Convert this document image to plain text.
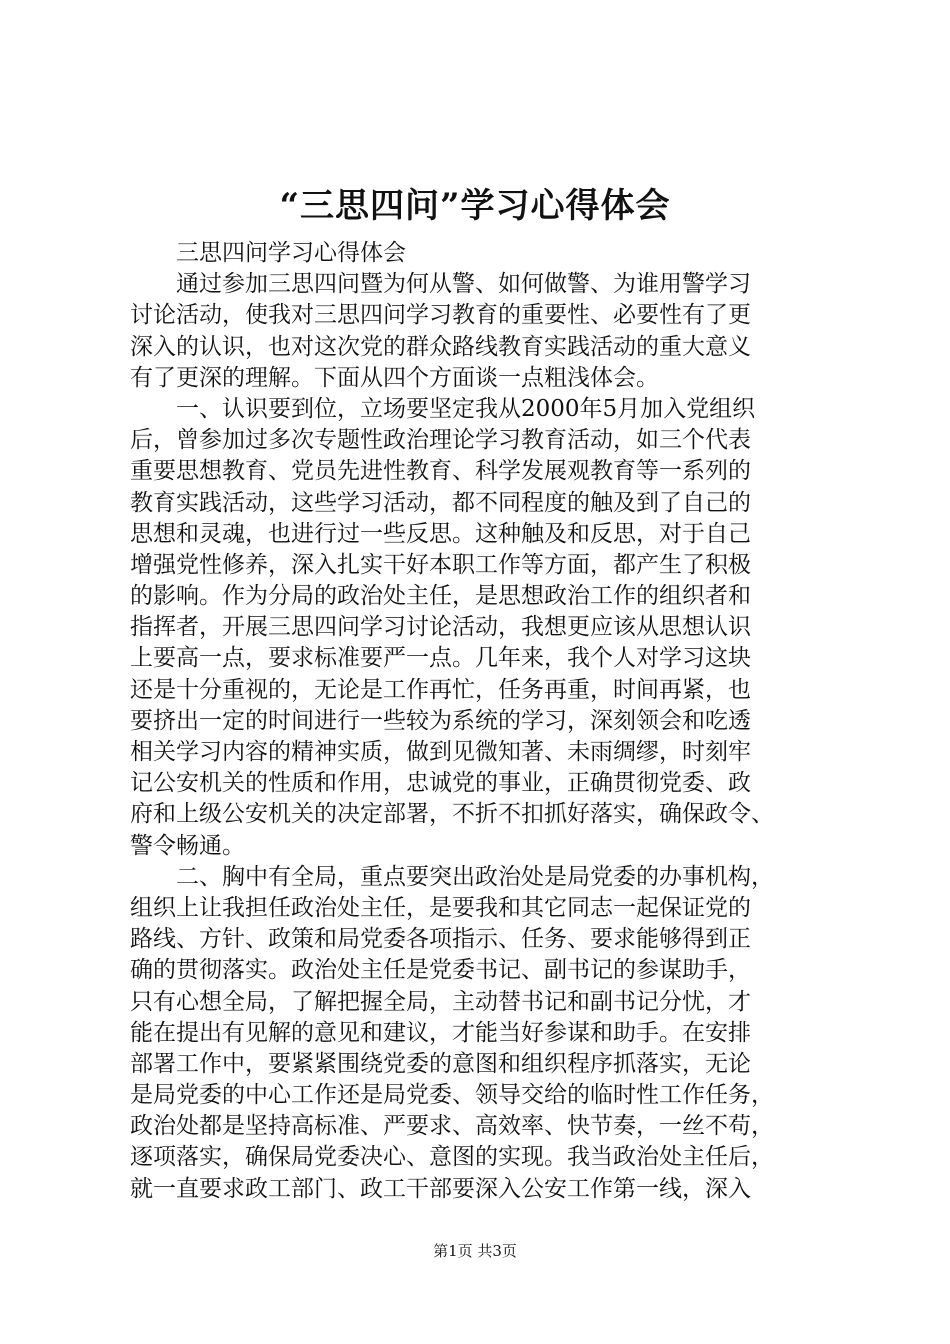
“三思四问”学习心得体会
三思四问学习心得体会
通过参加三思四问暨为何从警、如何做警、为谁用警学习
讨论活动，使我对三思四问学习教育的重要性、必要性有了更
深入的认识，也对这次党的群众路线教育实践活动的重大意义
有了更深的理解。下面从四个方面谈一点粗浅体会。
一、认识要到位，立场要坚定我从2000年5月加入党组织
后，曾参加过多次专题性政治理论学习教育活动，如三个代表
重要思想教育、党员先进性教育、科学发展观教育等一系列的
教育实践活动，这些学习活动，都不同程度的触及到了自己的
思想和灵魂，也进行过一些反思。这种触及和反思，对于自己
增强党性修养，深入扎实干好本职工作等方面，都产生了积极
的影响。作为分局的政治处主任，是思想政治工作的组织者和
指挥者，开展三思四问学习讨论活动，我想更应该从思想认识
上要高一点，要求标准要严一点。几年来，我个人对学习这块
还是十分重视的，无论是工作再忙，任务再重，时间再紧，也
要挤出一定的时间进行一些较为系统的学习，深刻领会和吃透
相关学习内容的精神实质，做到见微知著、未雨绸缪，时刻牢
记公安机关的性质和作用，忠诚党的事业，正确贯彻党委、政
府和上级公安机关的决定部署，不折不扣抓好落实，确保政令、
警令畅通。
二、胸中有全局，重点要突出政治处是局党委的办事机构，
组织上让我担任政治处主任，是要我和其它同志一起保证党的
路线、方针、政策和局党委各项指示、任务、要求能够得到正
确的贯彻落实。政治处主任是党委书记、副书记的参谋助手，
只有心想全局，了解把握全局，主动替书记和副书记分忧，才
能在提出有见解的意见和建议，才能当好参谋和助手。在安排
部署工作中，要紧紧围绕党委的意图和组织程序抓落实，无论
是局党委的中心工作还是局党委、领导交给的临时性工作任务，
政治处都是坚持高标准、严要求、高效率、快节奏，一丝不苟，
逐项落实，确保局党委决心、意图的实现。我当政治处主任后，
就一直要求政工部门、政工干部要深入公安工作第一线，深入
第1页 共3页
